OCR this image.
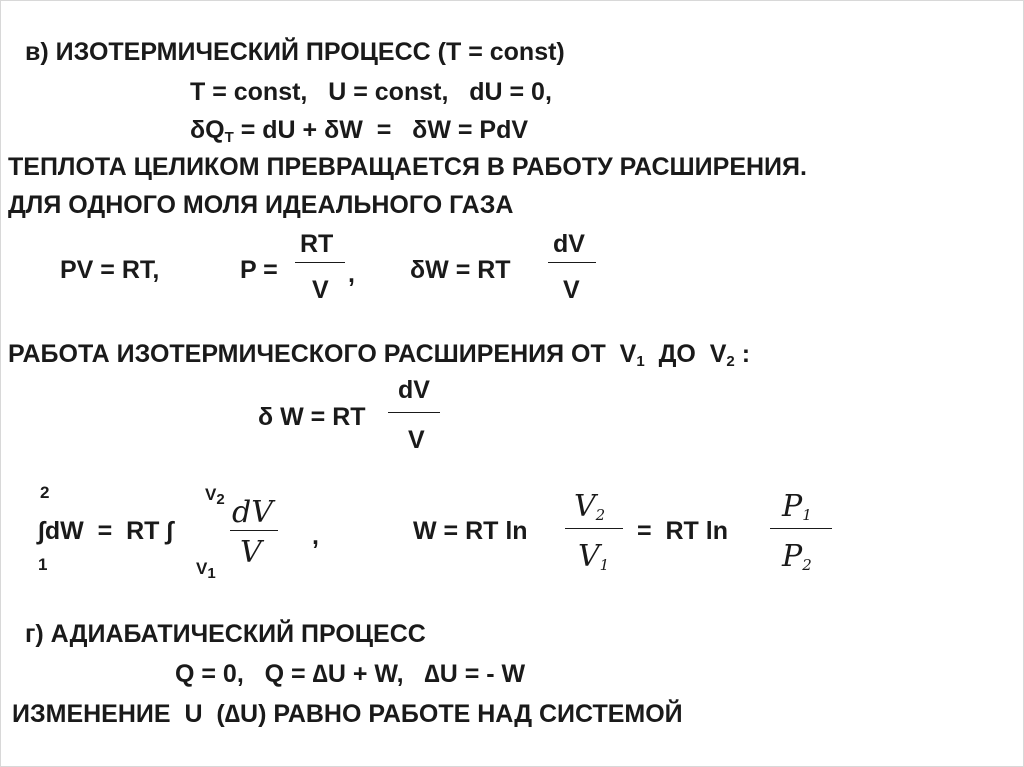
в) ИЗОТЕРМИЧЕСКИЙ ПРОЦЕСС (T = const)
T = const,   U = const,   dU = 0,
$\delta Q_T$ = dU + δW  =   δW = PdV
ТЕПЛОТА ЦЕЛИКОМ ПРЕВРАЩАЕТСЯ В РАБОТУ РАСШИРЕНИЯ.
ДЛЯ ОДНОГО МОЛЯ ИДЕАЛЬНОГО ГАЗА
PV = RT,	P =
RT
V
, δW = RT
dV
V
РАБОТА ИЗОТЕРМИЧЕСКОГО РАСШИРЕНИЯ ОТ  $V_1$  ДО  $V_2$ :
δ W = RT
dV
V
2
1
∫dW  =  RT ∫
$V_2$
$V_1$
dV
V ,	W = RT ln
$V_2$
$V_1$
=  RT ln
$P_1$
$P_2$
г) АДИАБАТИЧЕСКИЙ ПРОЦЕСС
Q = 0,   Q = ∆U + W,   ∆U = - W
ИЗМЕНЕНИЕ  U  (∆U) РАВНО РАБОТЕ НАД СИСТЕМОЙ
